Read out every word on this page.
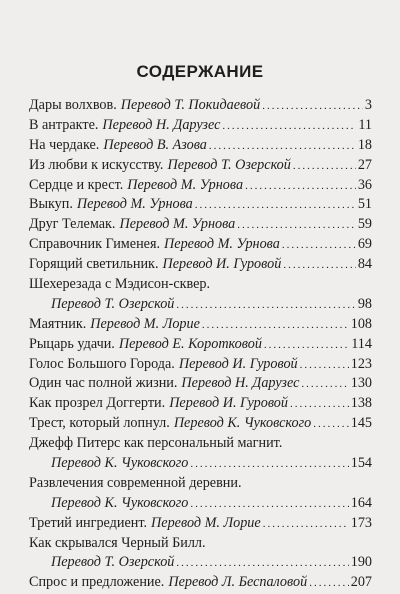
СОДЕРЖАНИЕ
Дары волхвов. Перевод Т. Покидаевой .....	3
В антракте. Перевод Н. Дарузес .....	11
На чердаке. Перевод В. Азова .....	18
Из любви к искусству. Перевод Т. Озерской .....	27
Сердце и крест. Перевод М. Урнова .....	36
Выкуп. Перевод М. Урнова .....	51
Друг Телемак. Перевод М. Урнова .....	59
Справочник Гименея. Перевод М. Урнова .....	69
Горящий светильник. Перевод И. Гуровой .....	84
Шехерезада с Мэдисон-сквер.
Перевод Т. Озерской .....	98
Маятник. Перевод М. Лорие .....	108
Рыцарь удачи. Перевод Е. Коротковой .....	114
Голос Большого Города. Перевод И. Гуровой .....	123
Один час полной жизни. Перевод Н. Дарузес .....	130
Как прозрел Доггерти. Перевод И. Гуровой .....	138
Трест, который лопнул. Перевод К. Чуковского .....	145
Джефф Питерс как персональный магнит.
Перевод К. Чуковского .....	154
Развлечения современной деревни.
Перевод К. Чуковского .....	164
Третий ингредиент. Перевод М. Лорие .....	173
Как скрывался Черный Билл.
Перевод Т. Озерской .....	190
Спрос и предложение. Перевод Л. Беспаловой .....	207
